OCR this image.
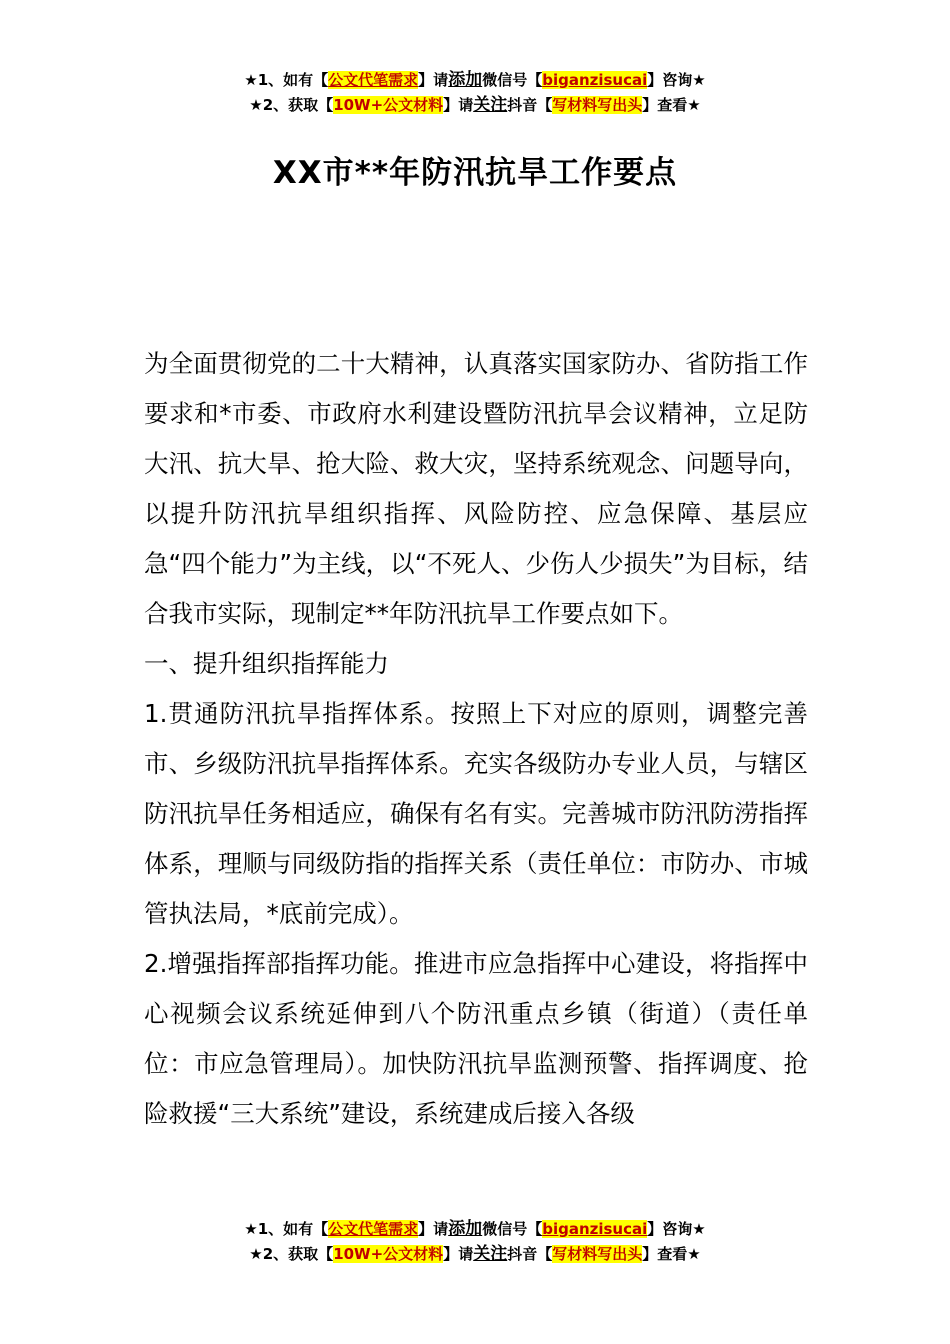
★1、如有【公文代笔需求】请添加微信号【biganzisucai】咨询★
★2、获取【10W+公文材料】请关注抖音【写材料写出头】查看★
XX市**年防汛抗旱工作要点

为全面贯彻党的二十大精神，认真落实国家防办、省防指工作要求和*市委、市政府水利建设暨防汛抗旱会议精神，立足防大汛、抗大旱、抢大险、救大灾，坚持系统观念、问题导向，以提升防汛抗旱组织指挥、风险防控、应急保障、基层应急“四个能力”为主线，以“不死人、少伤人少损失”为目标，结合我市实际，现制定**年防汛抗旱工作要点如下。

一、提升组织指挥能力

1.贯通防汛抗旱指挥体系。按照上下对应的原则，调整完善市、乡级防汛抗旱指挥体系。充实各级防办专业人员，与辖区防汛抗旱任务相适应，确保有名有实。完善城市防汛防涝指挥体系，理顺与同级防指的指挥关系（责任单位：市防办、市城管执法局，*底前完成）。

2.增强指挥部指挥功能。推进市应急指挥中心建设，将指挥中心视频会议系统延伸到八个防汛重点乡镇（街道）（责任单位：市应急管理局）。加快防汛抗旱监测预警、指挥调度、抢险救援“三大系统”建设，系统建成后接入各级

★1、如有【公文代笔需求】请添加微信号【biganzisucai】咨询★
★2、获取【10W+公文材料】请关注抖音【写材料写出头】查看★
